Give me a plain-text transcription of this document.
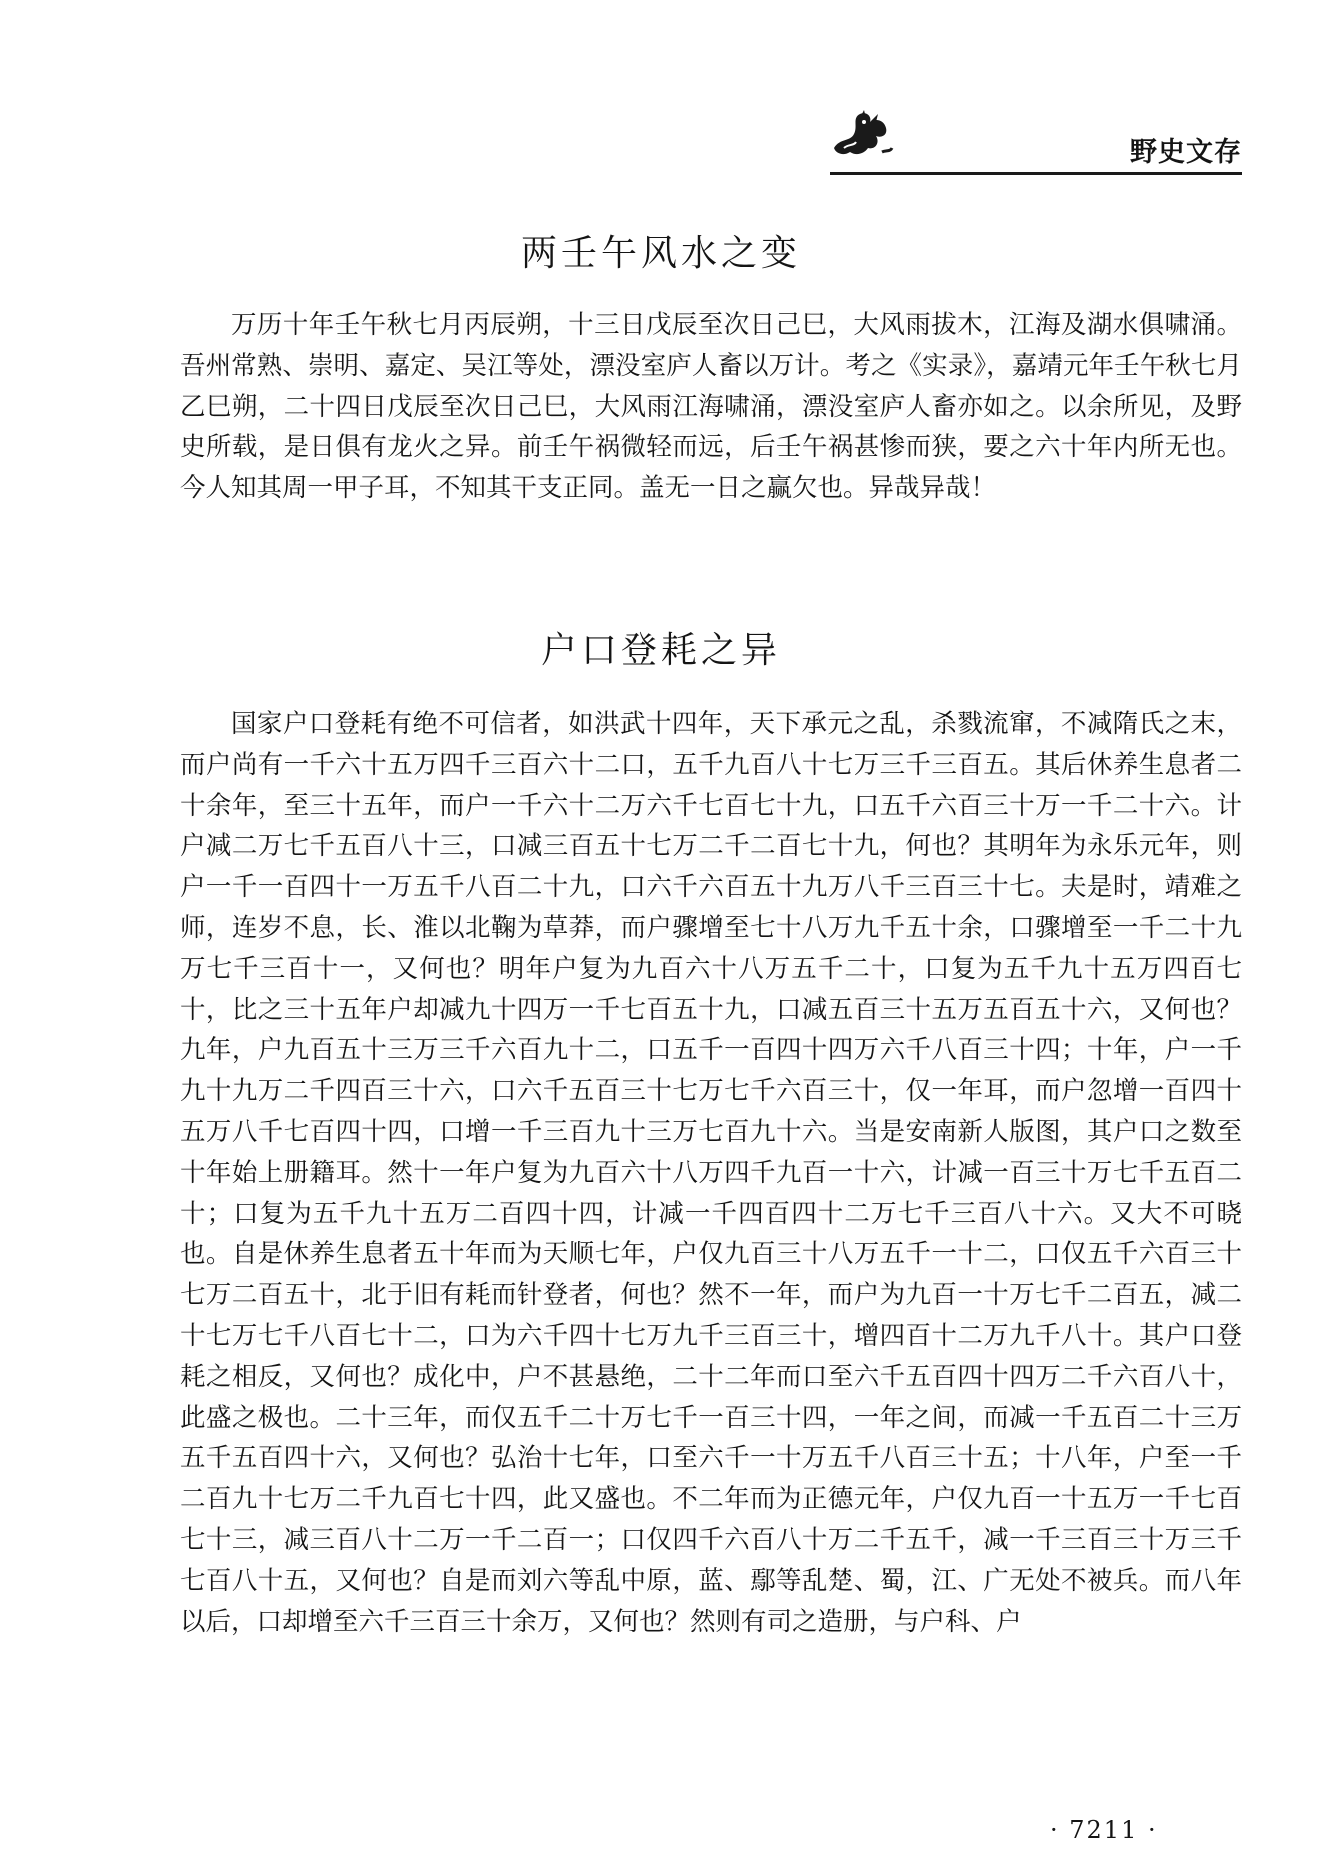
野史文存
两壬午风水之变

万历十年壬午秋七月丙辰朔，十三日戊辰至次日己巳，大风雨拔木，江海及湖水俱啸涌。吾州常熟、崇明、嘉定、吴江等处，漂没室庐人畜以万计。考之《实录》，嘉靖元年壬午秋七月乙巳朔，二十四日戊辰至次日己巳，大风雨江海啸涌，漂没室庐人畜亦如之。以余所见，及野史所载，是日俱有龙火之异。前壬午祸微轻而远，后壬午祸甚惨而狭，要之六十年内所无也。今人知其周一甲子耳，不知其干支正同。盖无一日之赢欠也。异哉异哉！

户口登耗之异

国家户口登耗有绝不可信者，如洪武十四年，天下承元之乱，杀戮流窜，不减隋氏之末，而户尚有一千六十五万四千三百六十二口，五千九百八十七万三千三百五。其后休养生息者二十余年，至三十五年，而户一千六十二万六千七百七十九，口五千六百三十万一千二十六。计户减二万七千五百八十三，口减三百五十七万二千二百七十九，何也？其明年为永乐元年，则户一千一百四十一万五千八百二十九，口六千六百五十九万八千三百三十七。夫是时，靖难之师，连岁不息，长、淮以北鞠为草莽，而户骤增至七十八万九千五十余，口骤增至一千二十九万七千三百十一，又何也？明年户复为九百六十八万五千二十，口复为五千九十五万四百七十，比之三十五年户却减九十四万一千七百五十九，口减五百三十五万五百五十六，又何也？九年，户九百五十三万三千六百九十二，口五千一百四十四万六千八百三十四；十年，户一千九十九万二千四百三十六，口六千五百三十七万七千六百三十，仅一年耳，而户忽增一百四十五万八千七百四十四，口增一千三百九十三万七百九十六。当是安南新人版图，其户口之数至十年始上册籍耳。然十一年户复为九百六十八万四千九百一十六，计减一百三十万七千五百二十；口复为五千九十五万二百四十四，计减一千四百四十二万七千三百八十六。又大不可晓也。自是休养生息者五十年而为天顺七年，户仅九百三十八万五千一十二，口仅五千六百三十七万二百五十，北于旧有耗而针登者，何也？然不一年，而户为九百一十万七千二百五，减二十七万七千八百七十二，口为六千四十七万九千三百三十，增四百十二万九千八十。其户口登耗之相反，又何也？成化中，户不甚悬绝，二十二年而口至六千五百四十四万二千六百八十，此盛之极也。二十三年，而仅五千二十万七千一百三十四，一年之间，而减一千五百二十三万五千五百四十六，又何也？弘治十七年，口至六千一十万五千八百三十五；十八年，户至一千二百九十七万二千九百七十四，此又盛也。不二年而为正德元年，户仅九百一十五万一千七百七十三，减三百八十二万一千二百一；口仅四千六百八十万二千五千，减一千三百三十万三千七百八十五，又何也？自是而刘六等乱中原，蓝、鄢等乱楚、蜀，江、广无处不被兵。而八年以后，口却增至六千三百三十余万，又何也？然则有司之造册，与户科、户

· 7211 ·
